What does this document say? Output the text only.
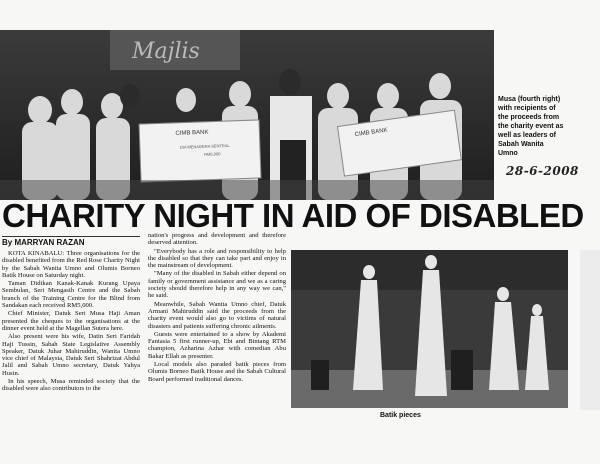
Majlis
CIMB BANK
DIA MENAGERA SENTRAL
RM5,000
CIMB BANK
Musa (fourth right)
with recipients of
the proceeds from
the charity event as
well as leaders of
Sabah Wanita
Umno
28-6-2008
CHARITY NIGHT IN AID OF DISABLED
By MARRYAN RAZAN

KOTA KINABALU: Three organisations for the disabled benefited from the Red Rose Charity Night by the Sabah Wanita Umno and Olumis Borneo Batik House on Saturday night.

Taman Didikan Kanak-Kanak Kurang Upaya Sembulan, Seri Mengasih Centre and the Sabah branch of the Training Centre for the Blind from Sandakan each received RM5,000.

Chief Minister, Datuk Seri Musa Haji Aman presented the cheques to the organisations at the dinner event held at the Magellan Sutera here.

Also present were his wife, Datin Seri Faridah Haji Tussin, Sabah State Legislative Assembly Speaker, Datuk Juhar Mahiruddin, Wanita Umno vice chief of Malaysia, Datuk Seri Shahrizat Abdul Jalil and Sabah Umno secretary, Datuk Yahya Husin.

In his speech, Musa reminded society that the disabled were also contributors to the

nation's progress and development and therefore deserved attention.

"Everybody has a role and responsibility to help the disabled so that they can take part and enjoy in the mainstream of development.

"Many of the disabled in Sabah either depend on family or government assistance and we as a caring society should therefore help in any way we can," he said.

Meanwhile, Sabah Wanita Umno chief, Datuk Armani Mahiruddin said the proceeds from the charity event would also go to victims of natural disasters and patients suffering chronic ailments.

Guests were entertained to a show by Akademi Fantasia 5 first runner-up, Ebi and Bintang RTM champion, Azharina Azhar with comedian Abu Bakar Ellah as presenter.

Local models also paraded batik pieces from Olumis Borneo Batik House and the Sabah Cultural Board performed traditional dances.

Batik pieces
